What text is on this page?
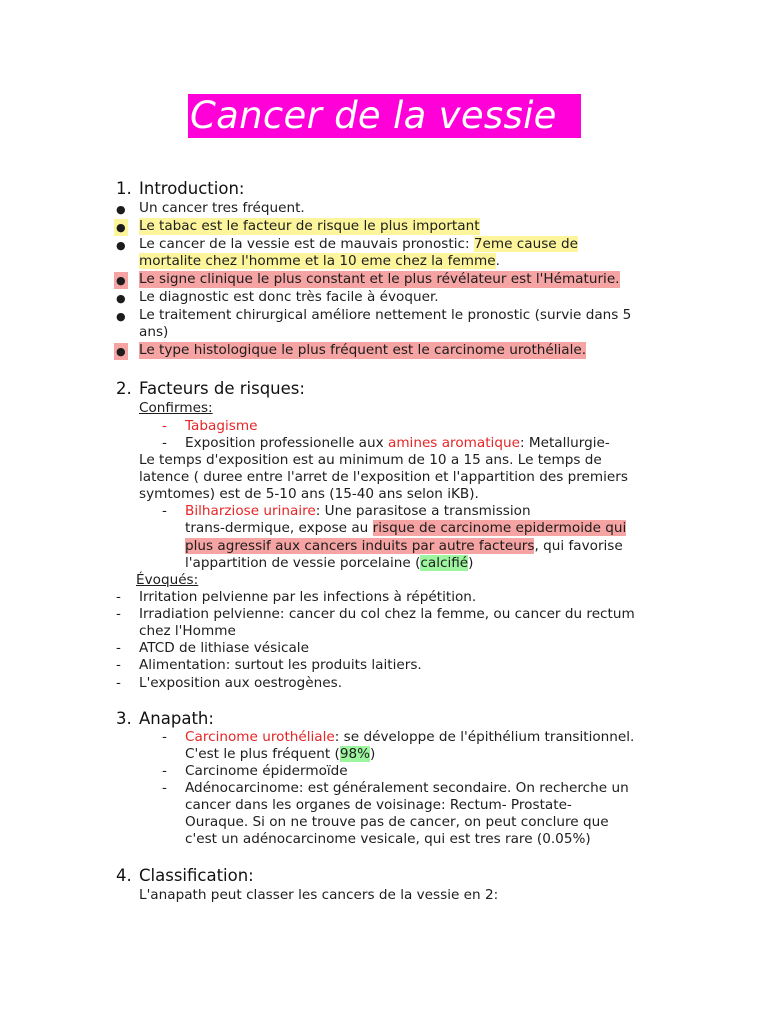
Cancer de la vessie
1. Introduction:
● Un cancer tres fréquent.
● Le tabac est le facteur de risque le plus important
● Le cancer de la vessie est de mauvais pronostic: 7eme cause de
mortalite chez l'homme et la 10 eme chez la femme.
● Le signe clinique le plus constant et le plus révélateur est l'Hématurie.
● Le diagnostic est donc très facile à évoquer.
● Le traitement chirurgical améliore nettement le pronostic (survie dans 5
ans)
● Le type histologique le plus fréquent est le carcinome urothéliale.
2. Facteurs de risques:
Confirmes:
- Tabagisme
- Exposition professionelle aux amines aromatique: Metallurgie-
Le temps d'exposition est au minimum de 10 a 15 ans. Le temps de
latence ( duree entre l'arret de l'exposition et l'appartition des premiers
symtomes) est de 5-10 ans (15-40 ans selon iKB).
- Bilharziose urinaire: Une parasitose a transmission
trans-dermique, expose au risque de carcinome epidermoide qui
plus agressif aux cancers induits par autre facteurs, qui favorise
l'appartition de vessie porcelaine (calcifié)
Évoqués:
- Irritation pelvienne par les infections à répétition.
- Irradiation pelvienne: cancer du col chez la femme, ou cancer du rectum
chez l'Homme
- ATCD de lithiase vésicale
- Alimentation: surtout les produits laitiers.
- L'exposition aux oestrogènes.
3. Anapath:
- Carcinome urothéliale: se développe de l'épithélium transitionnel.
C'est le plus fréquent (98%)
- Carcinome épidermoïde
- Adénocarcinome: est généralement secondaire. On recherche un
cancer dans les organes de voisinage: Rectum- Prostate-
Ouraque. Si on ne trouve pas de cancer, on peut conclure que
c'est un adénocarcinome vesicale, qui est tres rare (0.05%)
4. Classification:
L'anapath peut classer les cancers de la vessie en 2:
